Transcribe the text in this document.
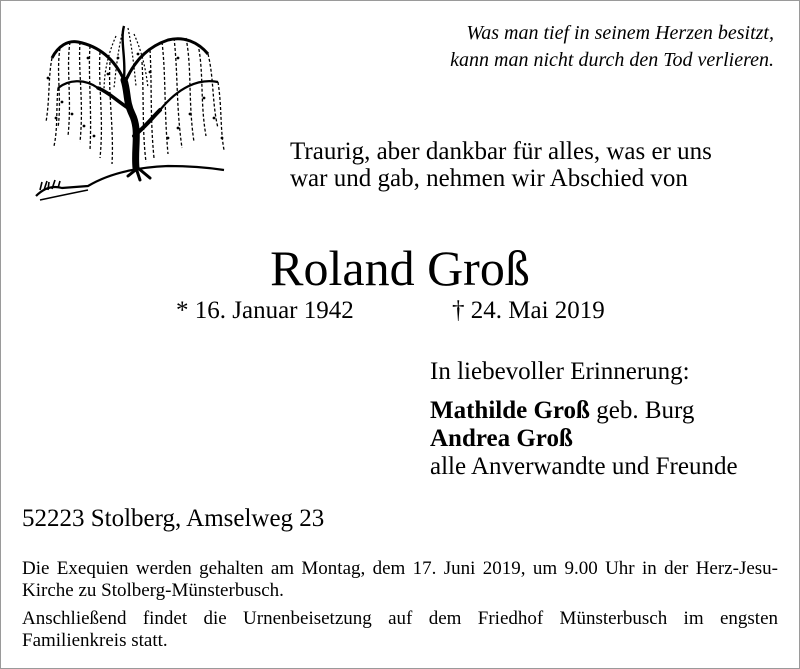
Was man tief in seinem Herzen besitzt,
kann man nicht durch den Tod verlieren.
Traurig, aber dankbar für alles, was er uns
war und gab, nehmen wir Abschied von
Roland Groß
* 16. Januar 1942	† 24. Mai 2019
In liebevoller Erinnerung:
Mathilde Groß geb. Burg
Andrea Groß
alle Anverwandte und Freunde
52223 Stolberg, Amselweg 23

Die Exequien werden gehalten am Montag, dem 17. Juni 2019, um 9.00 Uhr in der Herz-Jesu-Kirche zu Stolberg-Münsterbusch.

Anschließend findet die Urnenbeisetzung auf dem Friedhof Münsterbusch im engsten Familienkreis statt.
